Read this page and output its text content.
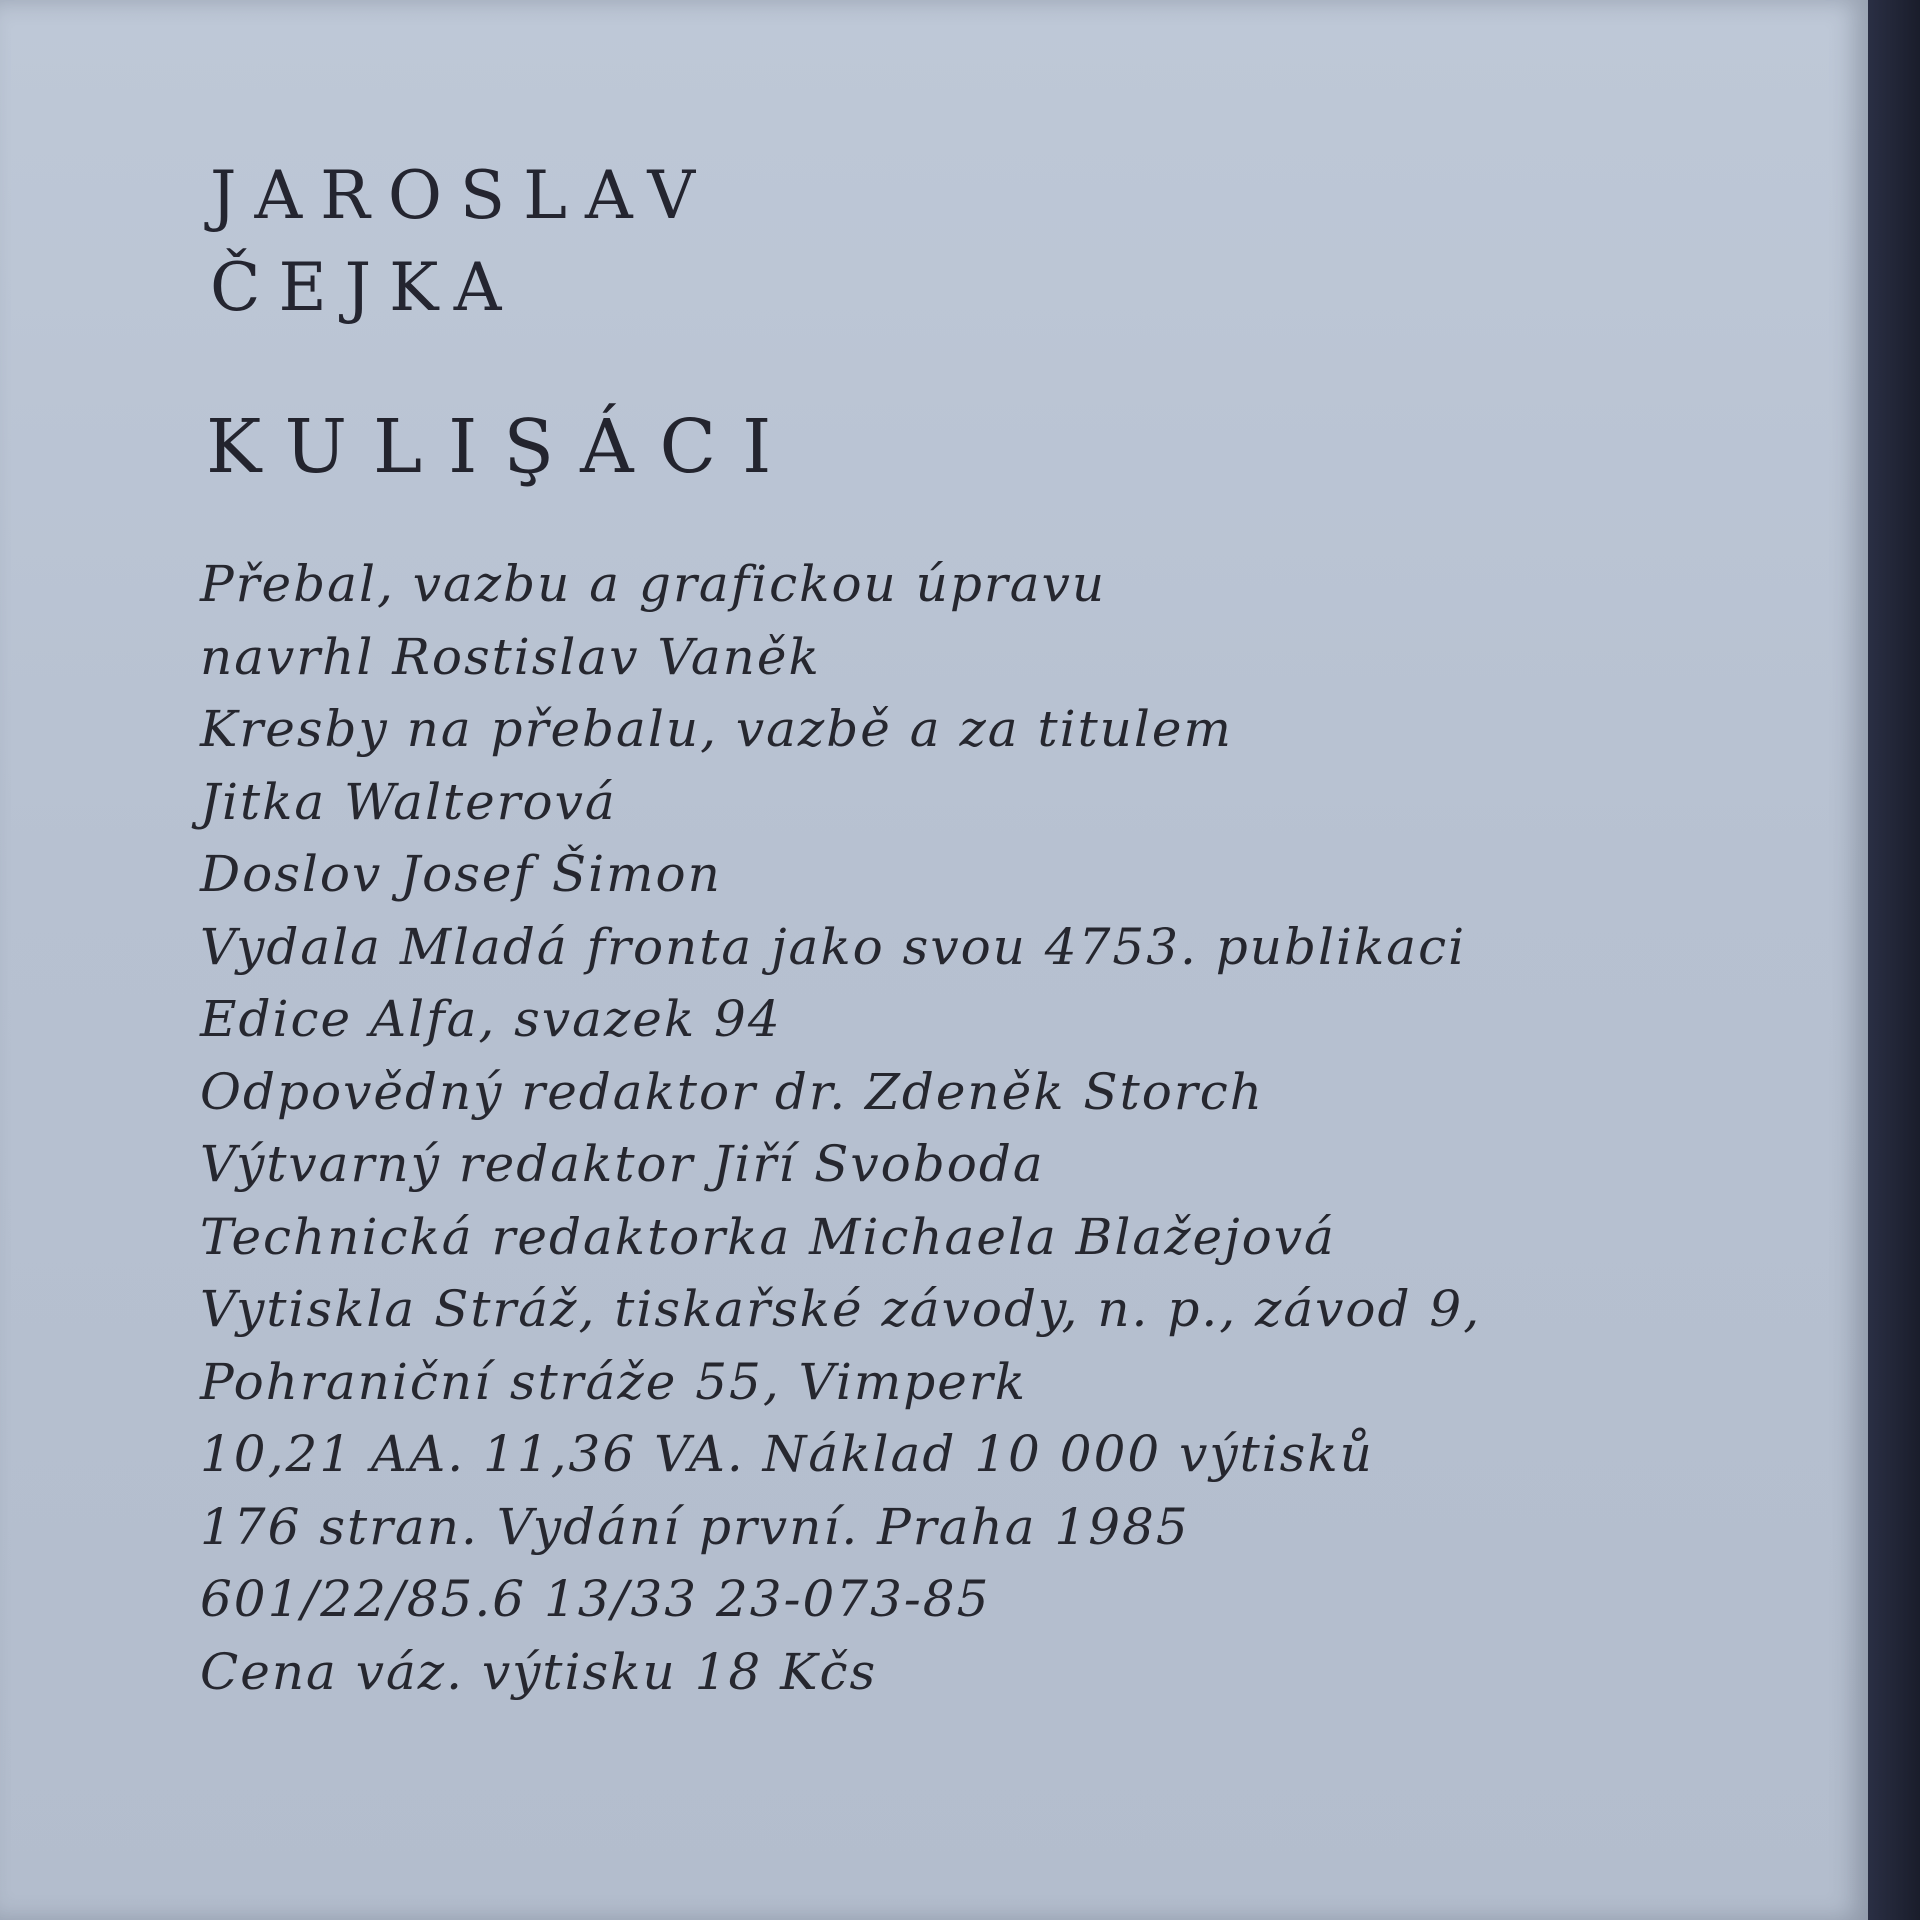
JAROSLAV
ČEJKA
KULIŞÁCI
Přebal, vazbu a grafickou úpravu
navrhl Rostislav Vaněk
Kresby na přebalu, vazbě a za titulem
Jitka Walterová
Doslov Josef Šimon
Vydala Mladá fronta jako svou 4753. publikaci
Edice Alfa, svazek 94
Odpovědný redaktor dr. Zdeněk Storch
Výtvarný redaktor Jiří Svoboda
Technická redaktorka Michaela Blažejová
Vytiskla Stráž, tiskařské závody, n. p., závod 9,
Pohraniční stráže 55, Vimperk
10,21 AA. 11,36 VA. Náklad 10 000 výtisků
176 stran. Vydání první. Praha 1985
601/22/85.6 13/33 23-073-85
Cena váz. výtisku 18 Kčs
